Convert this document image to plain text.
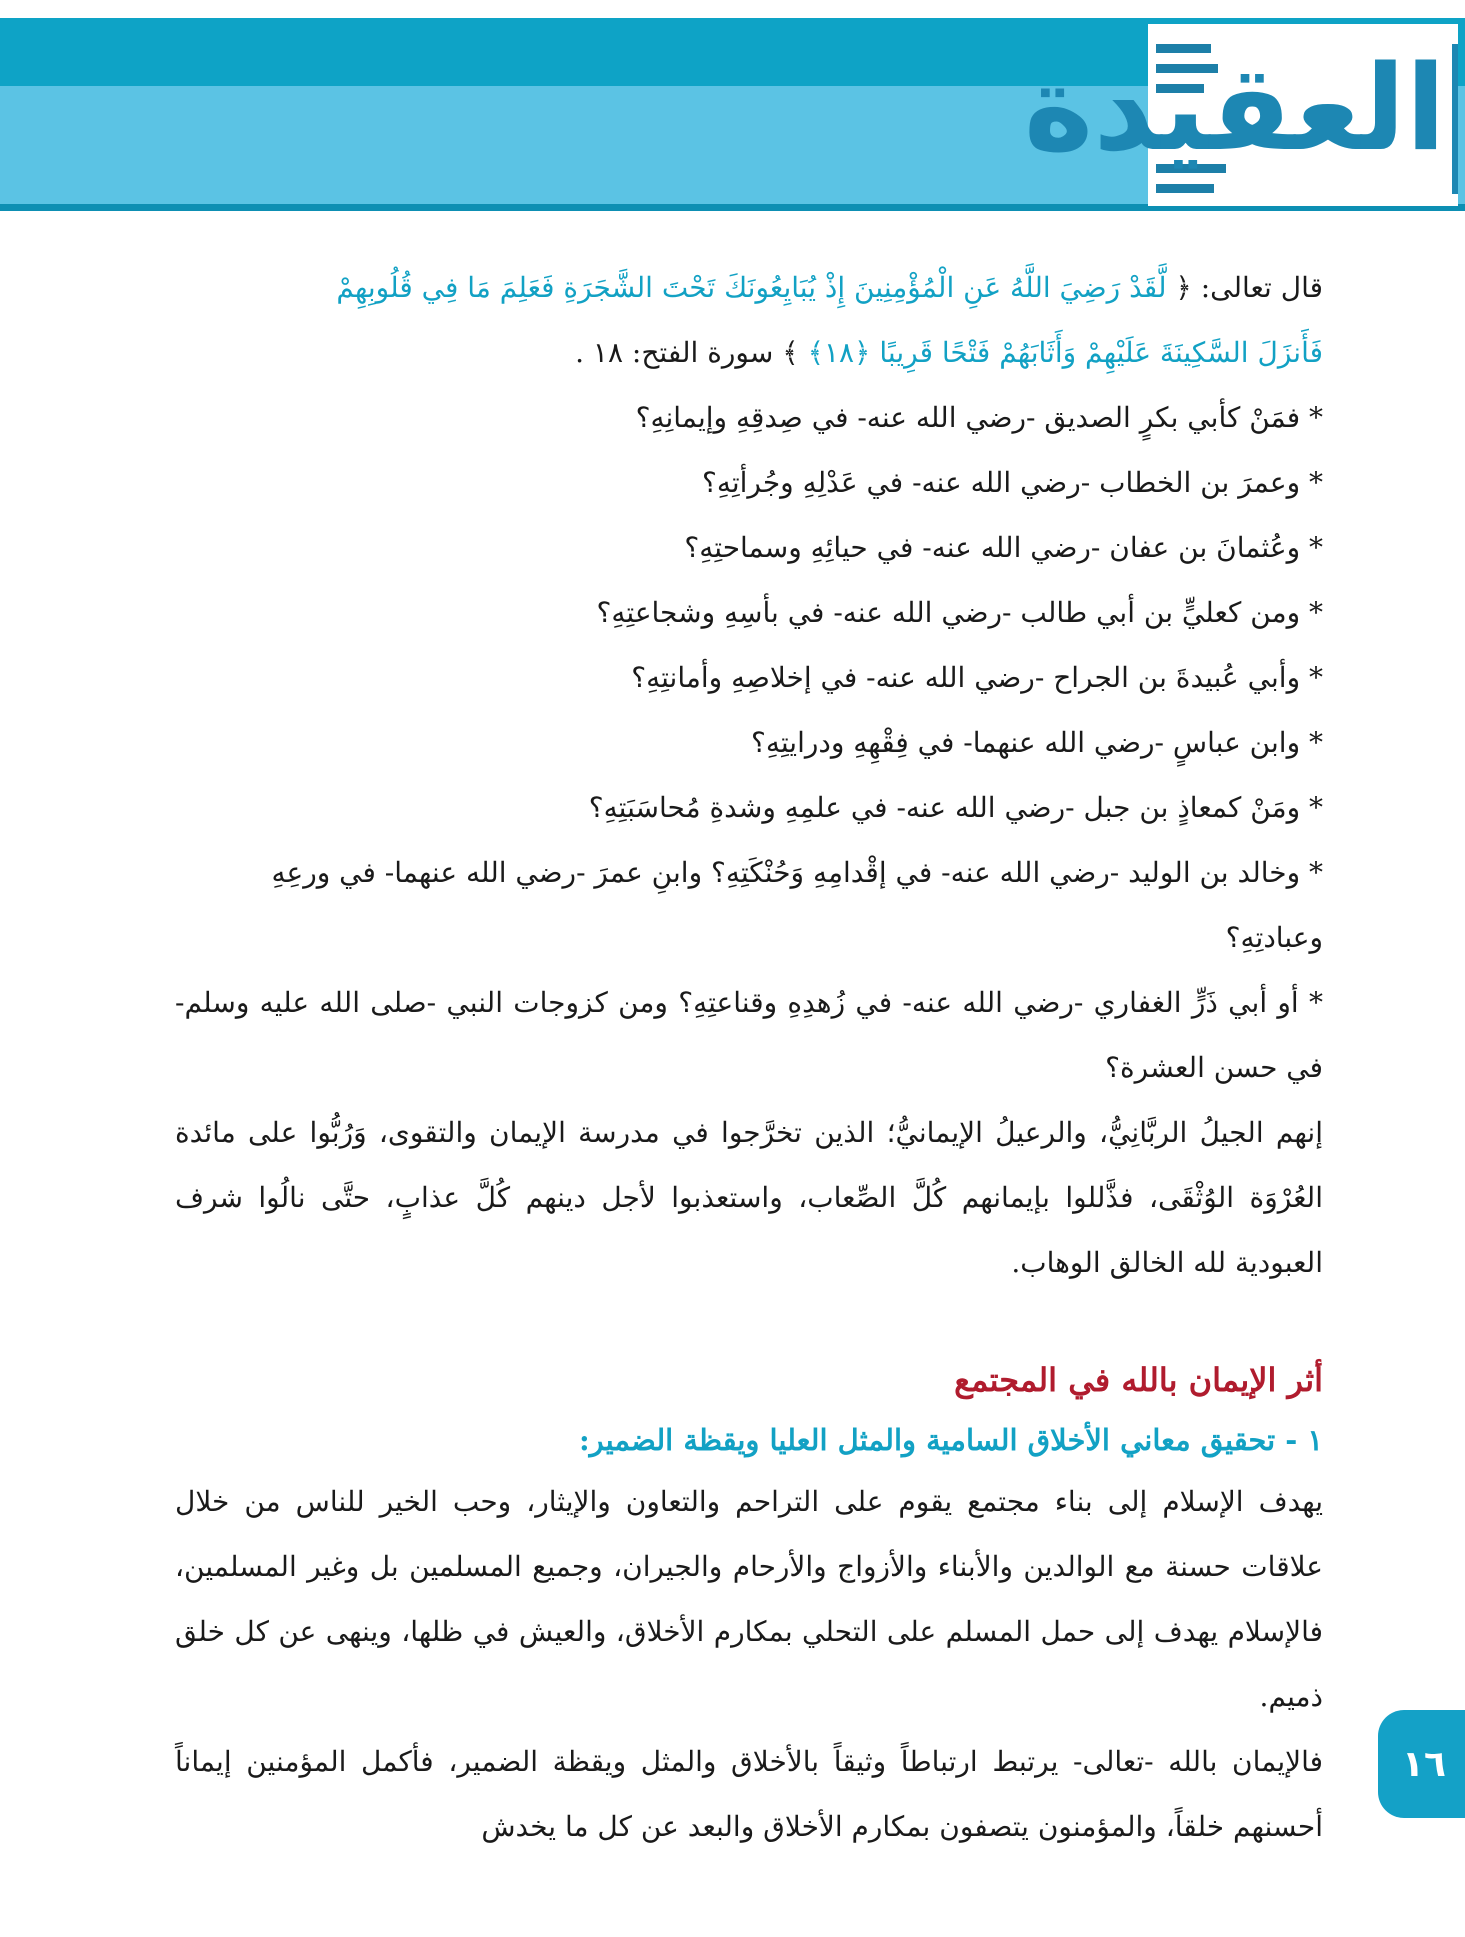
العقيدة

قال تعالى: ﴿ لَّقَدْ رَضِيَ اللَّهُ عَنِ الْمُؤْمِنِينَ إِذْ يُبَايِعُونَكَ تَحْتَ الشَّجَرَةِ فَعَلِمَ مَا فِي قُلُوبِهِمْ

فَأَنزَلَ السَّكِينَةَ عَلَيْهِمْ وَأَثَابَهُمْ فَتْحًا قَرِيبًا ﴿١٨﴾ ﴾ سورة الفتح: ١٨ .

* فمَنْ كأبي بكرٍ الصديق -رضي الله عنه- في صِدقِهِ وإيمانِهِ؟

* وعمرَ بن الخطاب -رضي الله عنه- في عَدْلِهِ وجُرأتِهِ؟

* وعُثمانَ بن عفان -رضي الله عنه- في حيائِهِ وسماحتِهِ؟

* ومن كعليٍّ بن أبي طالب -رضي الله عنه- في بأسِهِ وشجاعتِهِ؟

* وأبي عُبيدةَ بن الجراح -رضي الله عنه- في إخلاصِهِ وأمانتِهِ؟

* وابن عباسٍ -رضي الله عنهما- في فِقْهِهِ ودرايتِهِ؟

* ومَنْ كمعاذٍ بن جبل -رضي الله عنه- في علمِهِ وشدةِ مُحاسَبَتِهِ؟

* وخالد بن الوليد -رضي الله عنه- في إقْدامِهِ وَحُنْكَتِهِ؟ وابنِ عمرَ -رضي الله عنهما- في ورعِهِ وعبادتِهِ؟

* أو أبي ذَرٍّ الغفاري -رضي الله عنه- في زُهدِهِ وقناعتِهِ؟ ومن كزوجات النبي -صلى الله عليه وسلم- في حسن العشرة؟

إنهم الجيلُ الربَّانِيُّ، والرعيلُ الإيمانيُّ؛ الذين تخرَّجوا في مدرسة الإيمان والتقوى، وَرُبُّوا على مائدة العُرْوَة الوُثْقَى، فذَّللوا بإيمانهم كُلَّ الصِّعاب، واستعذبوا لأجل دينهم كُلَّ عذابٍ، حتَّى نالُوا شرف العبودية لله الخالق الوهاب.

أثر الإيمان بالله في المجتمع
١ - تحقيق معاني الأخلاق السامية والمثل العليا ويقظة الضمير:

يهدف الإسلام إلى بناء مجتمع يقوم على التراحم والتعاون والإيثار، وحب الخير للناس من خلال علاقات حسنة مع الوالدين والأبناء والأزواج والأرحام والجيران، وجميع المسلمين بل وغير المسلمين، فالإسلام يهدف إلى حمل المسلم على التحلي بمكارم الأخلاق، والعيش في ظلها، وينهى عن كل خلق ذميم.

فالإيمان بالله -تعالى- يرتبط ارتباطاً وثيقاً بالأخلاق والمثل ويقظة الضمير، فأكمل المؤمنين إيماناً أحسنهم خلقاً، والمؤمنون يتصفون بمكارم الأخلاق والبعد عن كل ما يخدش

١٦
